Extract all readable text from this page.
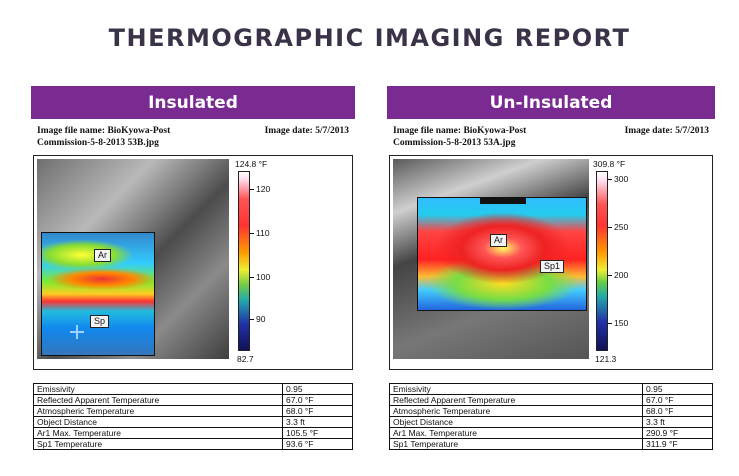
THERMOGRAPHIC IMAGING REPORT
Insulated
Image file name: BioKyowa-Post Commission-5-8-2013 53B.jpg
Image date: 5/7/2013
Ar
Sp
124.8 °F
82.7
120
110
100
90
Emissivity	0.95
Reflected Apparent Temperature	67.0 °F
Atmospheric Temperature	68.0 °F
Object Distance	3.3 ft
Ar1 Max. Temperature	105.5 °F
Sp1 Temperature	93.6 °F
Un-Insulated
Image file name: BioKyowa-Post Commission-5-8-2013 53A.jpg
Image date: 5/7/2013
Ar
Sp1
309.8 °F
121.3
300
250
200
150
Emissivity	0.95
Reflected Apparent Temperature	67.0 °F
Atmospheric Temperature	68.0 °F
Object Distance	3.3 ft
Ar1 Max. Temperature	290.9 °F
Sp1 Temperature	311.9 °F
